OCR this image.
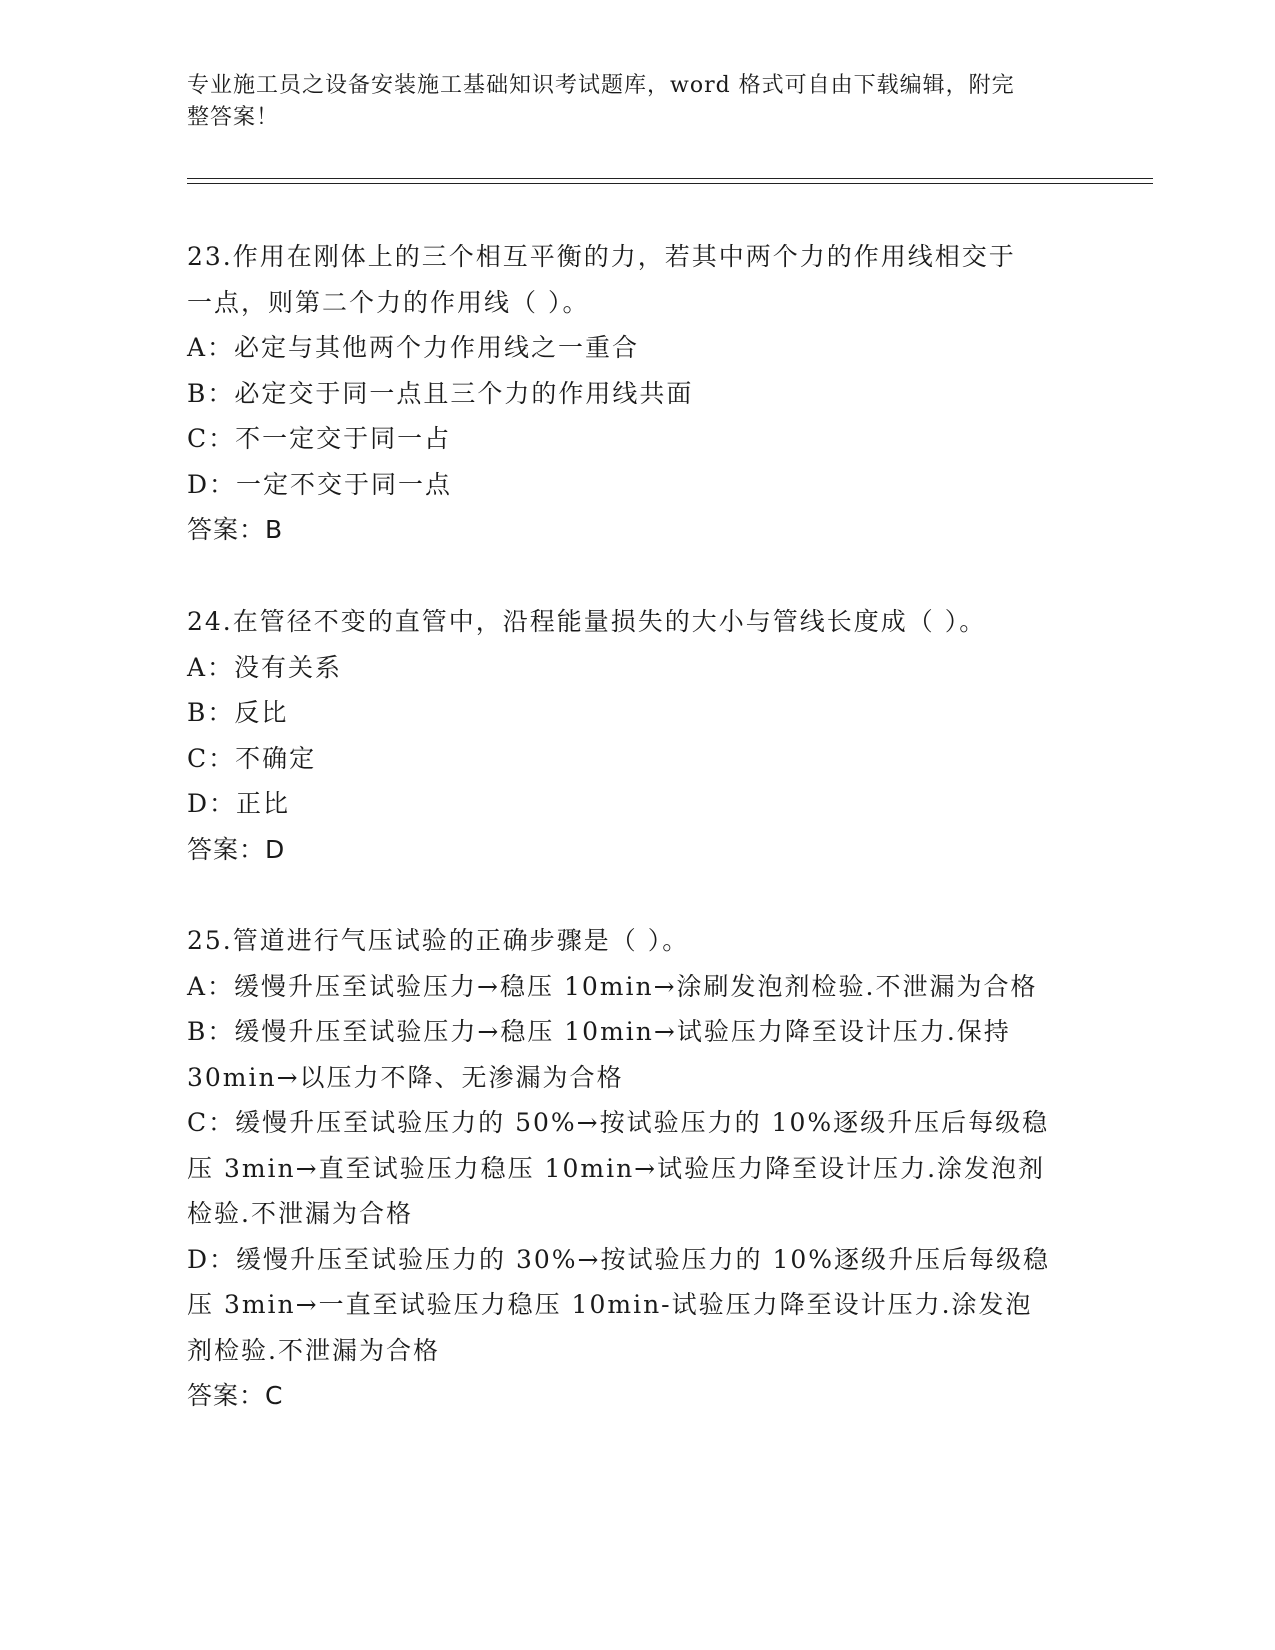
专业施工员之设备安装施工基础知识考试题库，word 格式可自由下载编辑，附完
整答案！
23.作用在刚体上的三个相互平衡的力，若其中两个力的作用线相交于
一点，则第二个力的作用线（ ）。
A：必定与其他两个力作用线之一重合
B：必定交于同一点且三个力的作用线共面
C：不一定交于同一占
D：一定不交于同一点
答案：B
24.在管径不变的直管中，沿程能量损失的大小与管线长度成（ ）。
A：没有关系
B：反比
C：不确定
D：正比
答案：D
25.管道进行气压试验的正确步骤是（ ）。
A：缓慢升压至试验压力→稳压 10min→涂刷发泡剂检验.不泄漏为合格
B：缓慢升压至试验压力→稳压 10min→试验压力降至设计压力.保持
30min→以压力不降、无渗漏为合格
C：缓慢升压至试验压力的 50%→按试验压力的 10%逐级升压后每级稳
压 3min→直至试验压力稳压 10min→试验压力降至设计压力.涂发泡剂
检验.不泄漏为合格
D：缓慢升压至试验压力的 30%→按试验压力的 10%逐级升压后每级稳
压 3min→一直至试验压力稳压 10min-试验压力降至设计压力.涂发泡
剂检验.不泄漏为合格
答案：C
